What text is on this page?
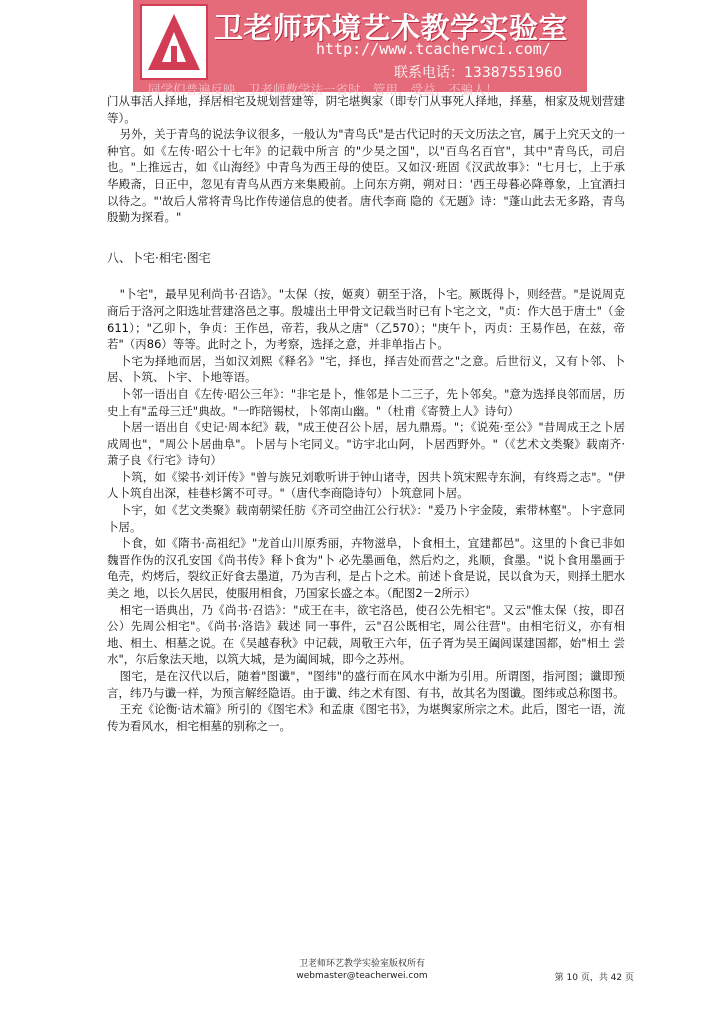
卫老师环境艺术教学实验室
http://www.tcacherwci.com/
联系电话：13387551960
同学们普遍反映，卫老师教学法一省时，管用，受益，不骗人！

门从事活人择地，择居相宅及规划营建等，阴宅堪舆家（即专门从事死人择地，择墓，相家及规划营建等）。

另外，关于青鸟的说法争议很多，一般认为"青鸟氏"是古代记时的天文历法之官，属于上究天文的一种官。如《左传·昭公十七年》的记载中所言 的"少昊之国"，以"百鸟名百官"，其中"青鸟氏，司启也。"上推远古，如《山海经》中青鸟为西王母的使臣。又如汉·班固《汉武故事》："七月七，上于承 华殿斋，日正中，忽见有青鸟从西方来集殿前。上问东方朔，朔对日：'西王母暮必降尊象，上宜酒扫以待之。"'故后人常将青鸟比作传递信息的使者。唐代李商 隐的《无题》诗："蓬山此去无多路，青鸟殷勤为探看。"

八、卜宅·相宅·图宅

"卜宅"，最早见利尚书·召诰》。"太保（按，姬爽）朝至于洛，卜宅。厥既得卜，则经营。"是说周克商后于洛河之阳选址营建洛邑之事。殷墟出土甲骨文记载当时已有卜宅之文，"贞：作大邑于唐土"（金611）；"乙卯卜，争贞：王作邑，帝若，我从之唐"（乙570）；"庚午卜，丙贞：王易作邑，在兹，帝若"（丙86）等等。此时之卜，为考察，选择之意，并非单指占卜。

卜宅为择地而居，当如汉刘熙《释名》"宅，择也，择吉处而营之"之意。后世衍义，又有卜邻、卜居、卜筑、卜宇、卜地等语。

卜邻一语出自《左传·昭公三年》："非宅是卜，惟邻是卜二三子，先卜邻矣。"意为选择良邻而居，历史上有"孟母三迁"典故。"一昨陪锡杖，卜邻南山幽。"（杜甫《寄赞上人》诗句）

卜居一语出自《史记·周本纪》载，"成王使召公卜居，居九鼎焉。"；《说苑·至公》"昔周成王之卜居成周也"，"周公卜居曲阜"。卜居与卜宅同义。"访宇北山阿，卜居西野外。"（《艺术文类聚》载南齐·萧子良《行宅》诗句）

卜筑，如《梁书·刘讦传》"曾与族兄刘歌听讲于钟山诸寺，因共卜筑宋熙寺东涧，有终焉之志"。"伊人卜筑自出深，桂巷杉篱不可寻。"（唐代李商隐诗句）卜筑意同卜居。

卜宇，如《艺文类聚》载南朝梁任肪《齐司空曲江公行状》："爰乃卜宇金陵，索带林壑"。卜宇意同卜居。

卜食，如《隋书·高祖纪》"龙首山川原秀丽，卉物滋阜，卜食相土，宜建都邑"。这里的卜食已非如魏晋作伪的汉孔安国《尚书传》释卜食为"卜 必先墨画龟，然后灼之，兆顺，食墨。"说卜食用墨画于龟壳，灼烤后，裂纹正好食去墨道，乃为吉利，是占卜之术。前述卜食是说，民以食为天，则择土肥水美之 地，以长久居民，使服用相食，乃国家长盛之本。（配图2－2所示）

相宅一语典出，乃《尚书·召诰》："成王在丰，欲宅洛邑，使召公先相宅"。又云"惟太保（按，即召公）先周公相宅"。《尚书·洛诰》载述 同一事件，云"召公既相宅，周公往营"。由相宅衍义，亦有相地、相土、相墓之说。在《吴越春秋》中记载，周敬王六年，伍子胥为吴王阖闾谋建国都，始"相土 尝水"，尔后象法天地，以筑大城，是为阖闾城，即今之苏州。

图宅，是在汉代以后，随着"图谶"，"图纬"的盛行而在风水中渐为引用。所谓图，指河图；谶即预言，纬乃与谶一样，为预言解经隐语。由于谶、纬之术有图、有书，故其名为图谶。图纬或总称图书。

王充《论衡·诘术篇》所引的《图宅术》和孟康《图宅书》，为堪舆家所宗之术。此后，图宅一语，流传为看风水，相宅相墓的别称之一。

卫老师环艺教学实验室版权所有
webmaster@teacherwei.com	第 10 页，共 42 页
